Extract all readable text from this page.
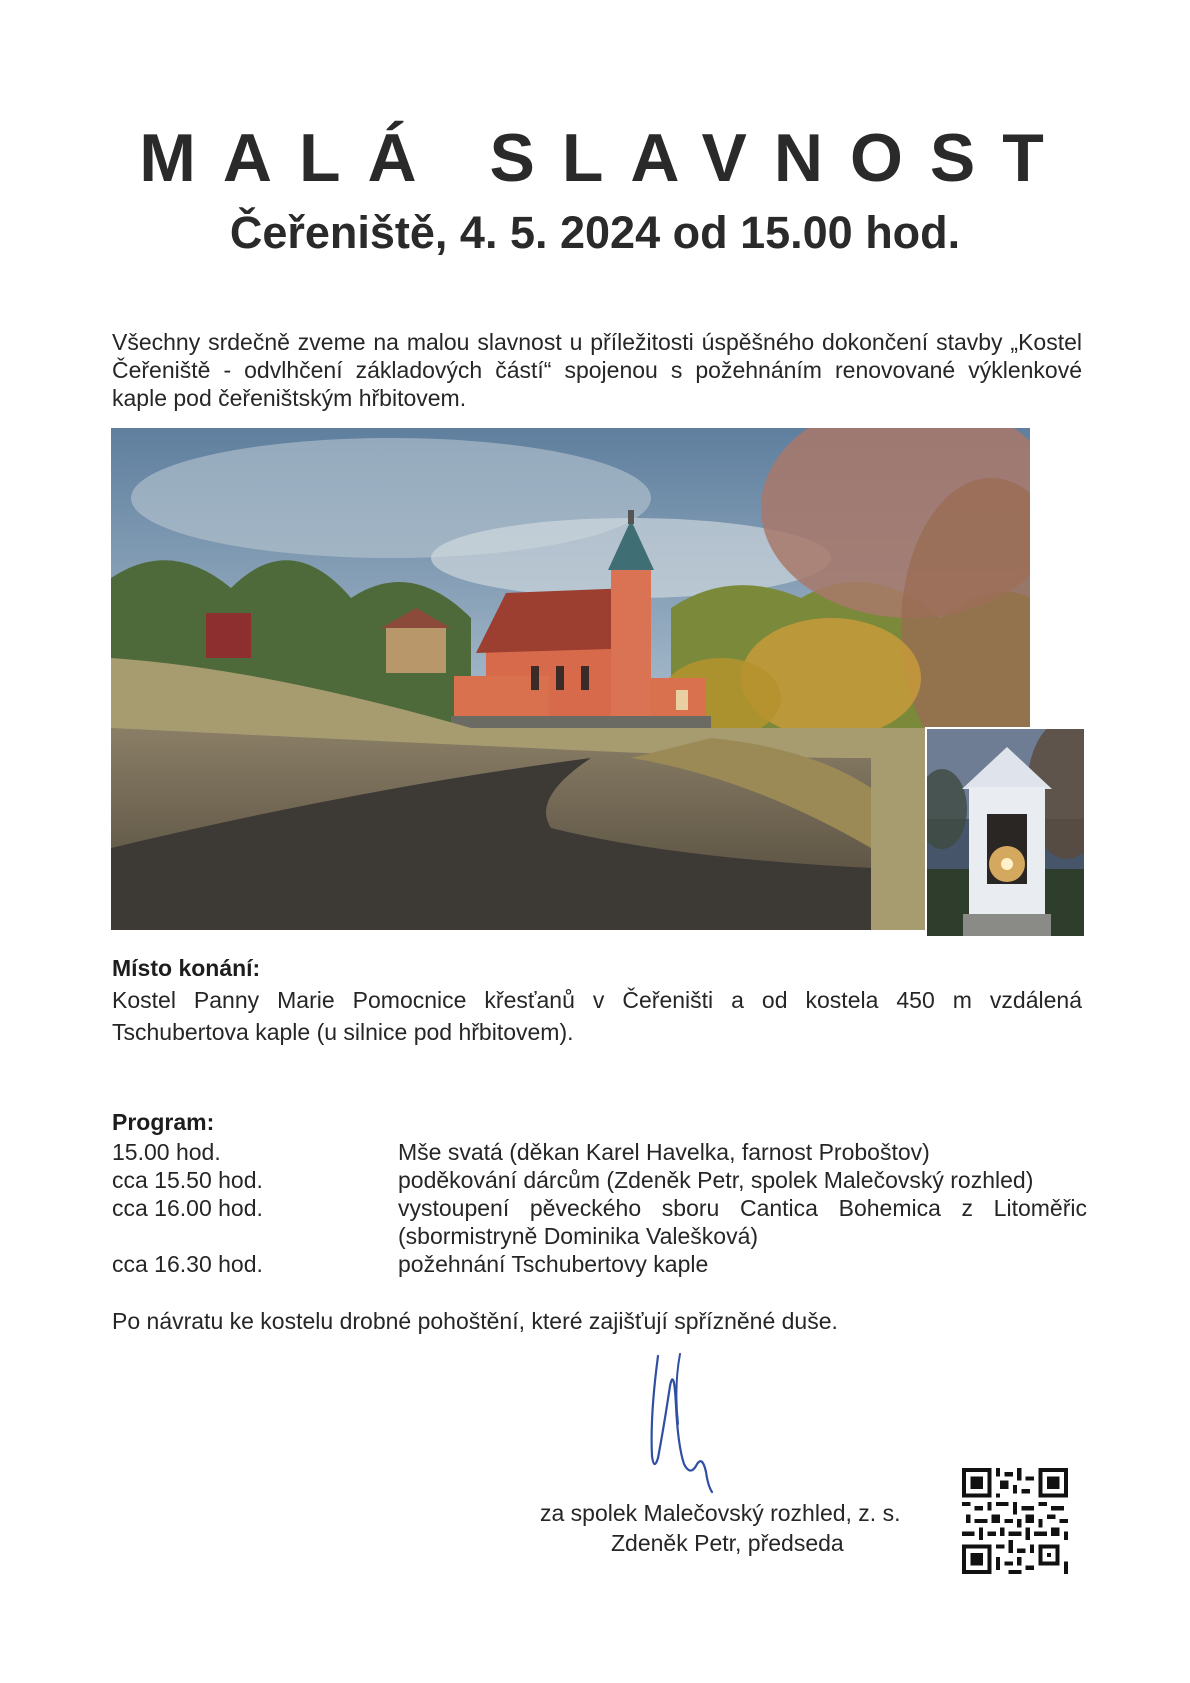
MALÁ SLAVNOST
Čeřeniště, 4. 5. 2024 od 15.00 hod.
Všechny srdečně zveme na malou slavnost u příležitosti úspěšného dokončení stavby „Kostel Čeřeniště - odvlhčení základových částí“ spojenou s požehnáním renovované výklenkové kaple pod čeřeništským hřbitovem.
Místo konání:
Kostel Panny Marie Pomocnice křesťanů v Čeřeništi a od kostela 450 m vzdálená Tschubertova kaple (u silnice pod hřbitovem).
Program:
15.00 hod.	Mše svatá (děkan Karel Havelka, farnost Proboštov)
cca 15.50 hod.	poděkování dárcům (Zdeněk Petr, spolek Malečovský rozhled)
cca 16.00 hod.	vystoupení pěveckého sboru Cantica Bohemica z Litoměřic (sbormistryně Dominika Valešková)
cca 16.30 hod.	požehnání Tschubertovy kaple
Po návratu ke kostelu drobné pohoštění, které zajišťují spřízněné duše.
za spolek Malečovský rozhled, z. s.
Zdeněk Petr, předseda
